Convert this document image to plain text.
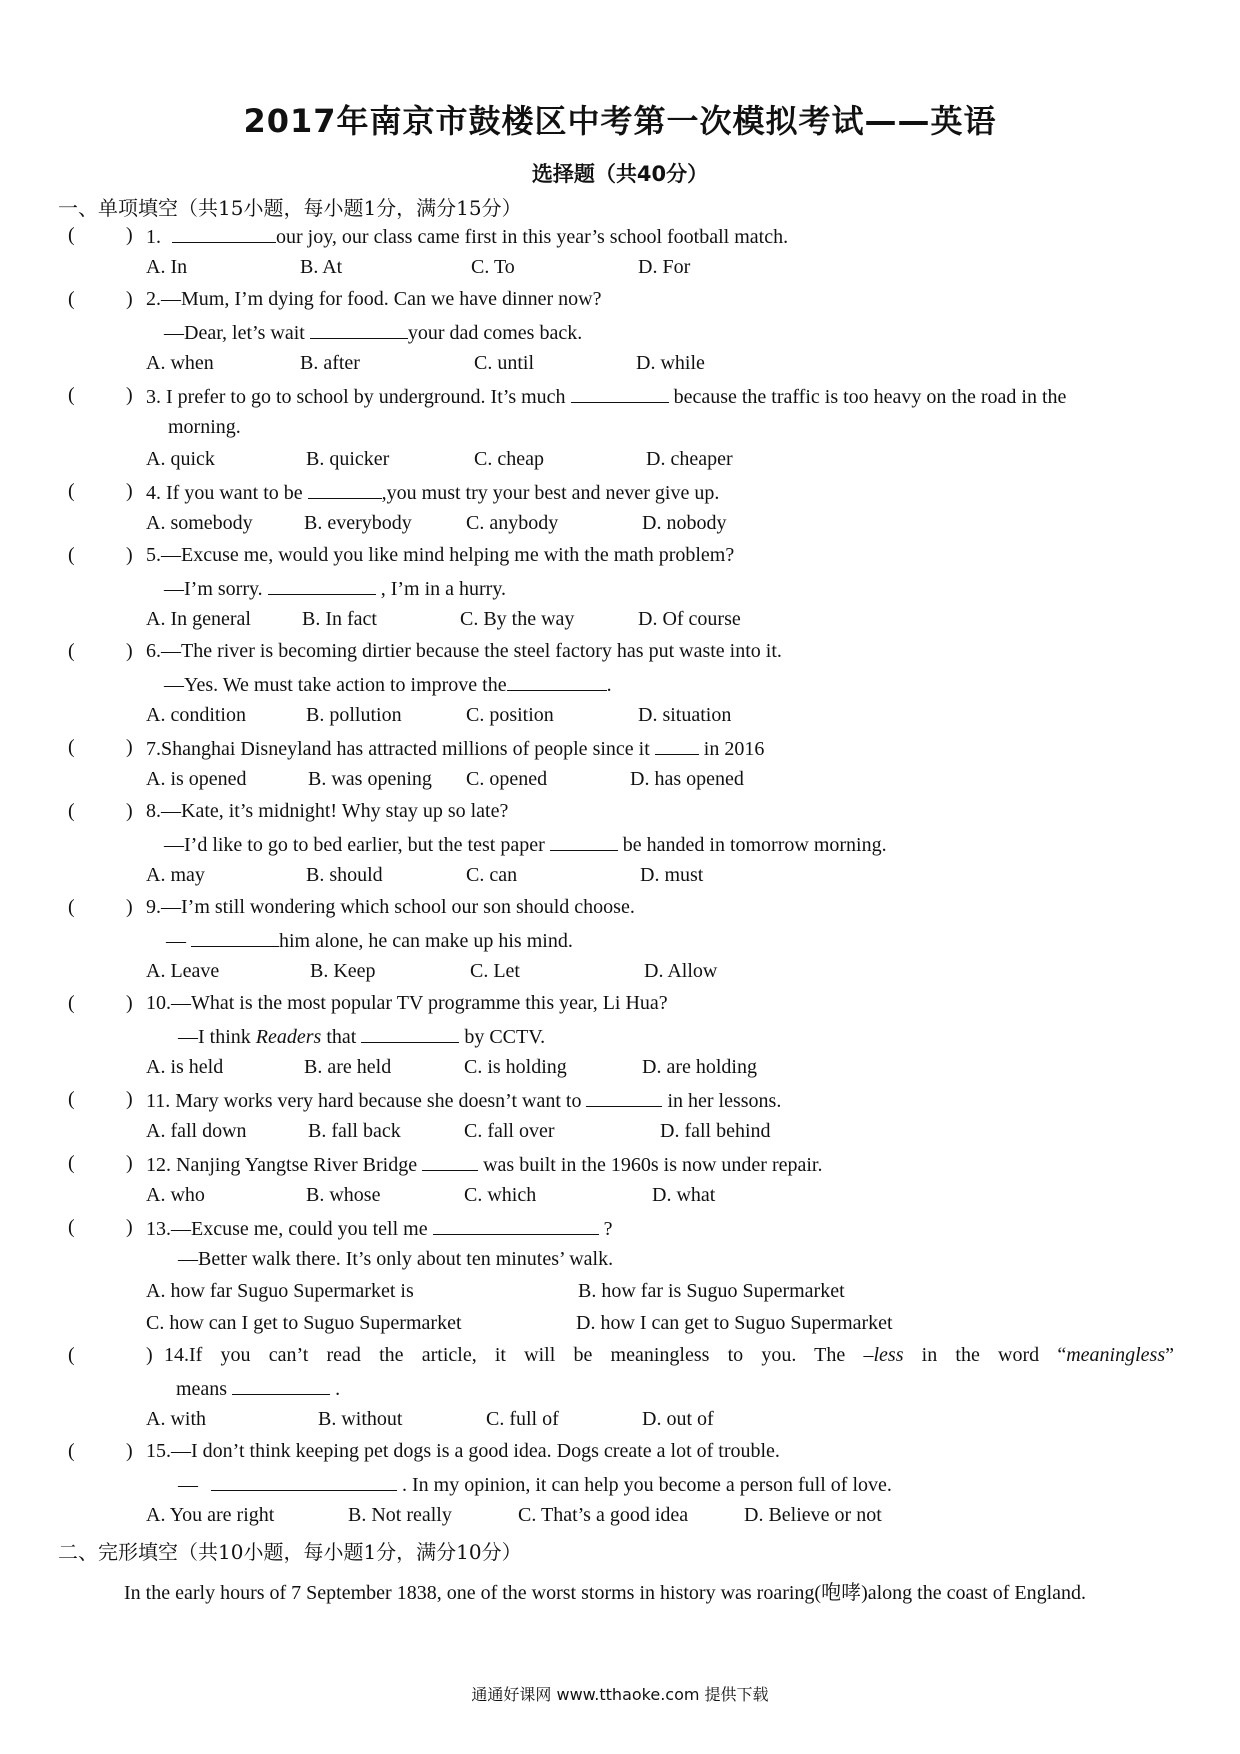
2017年南京市鼓楼区中考第一次模拟考试——英语
选择题（共40分）
一、单项填空（共15小题，每小题1分，满分15分）
(	) 1.	our joy, our class came first in this year’s school football match.
A. In	B. At	C. To	D. For
(	) 2.—Mum, I’m dying for food. Can we have dinner now?
—Dear, let’s wait	your dad comes back.
A. when	B. after	C. until	D. while
(	) 3. I prefer to go to school by underground. It’s much	because the traffic is too heavy on the road in the
morning.
A. quick	B. quicker	C. cheap	D. cheaper
(	) 4. If you want to be	,you must try your best and never give up.
A. somebody	B. everybody	C. anybody	D. nobody
(	) 5.—Excuse me, would you like mind helping me with the math problem?
—I’m sorry.	, I’m in a hurry.
A. In general	B. In fact	C. By the way	D. Of course
(	) 6.—The river is becoming dirtier because the steel factory has put waste into it.
—Yes. We must take action to improve the	.
A. condition	B. pollution	C. position	D. situation
(	) 7.Shanghai Disneyland has attracted millions of people since it  in 2016
A. is opened	B. was opening C. opened	D. has opened
(	) 8.—Kate, it’s midnight! Why stay up so late?
—I’d like to go to bed earlier, but the test paper	be handed in tomorrow morning.
A. may	B. should	C. can	D. must
(	) 9.—I’m still wondering which school our son should choose.
—	him alone, he can make up his mind.
A. Leave	B. Keep	C. Let	D. Allow
(	) 10.—What is the most popular TV programme this year, Li Hua?
—I think Readers that	by CCTV.
A. is held	B. are held	C. is holding	D. are holding
(	) 11. Mary works very hard because she doesn’t want to	in her lessons.
A. fall down	B. fall back	C. fall over	D. fall behind
(	) 12. Nanjing Yangtse River Bridge	was built in the 1960s is now under repair.
A. who	B. whose	C. which	D. what
(	) 13.—Excuse me, could you tell me	?
—Better walk there. It’s only about ten minutes’ walk.
A. how far Suguo Supermarket is	B. how far is Suguo Supermarket
C. how can I get to Suguo Supermarket	D. how I can get to Suguo Supermarket
(	) 14.If you can’t read the article, it will be meaningless to you. The –less in the word “meaningless”
means	.
A. with	B. without	C. full of	D. out of
(	) 15.—I don’t think keeping pet dogs is a good idea. Dogs create a lot of trouble.
—	. In my opinion, it can help you become a person full of love.
A. You are right	B. Not really	C. That’s a good idea	D. Believe or not
二、完形填空（共10小题，每小题1分，满分10分）
In the early hours of 7 September 1838, one of the worst storms in history was roaring(咆哮)along the coast of England.
通通好课网 www.tthaoke.com 提供下载
